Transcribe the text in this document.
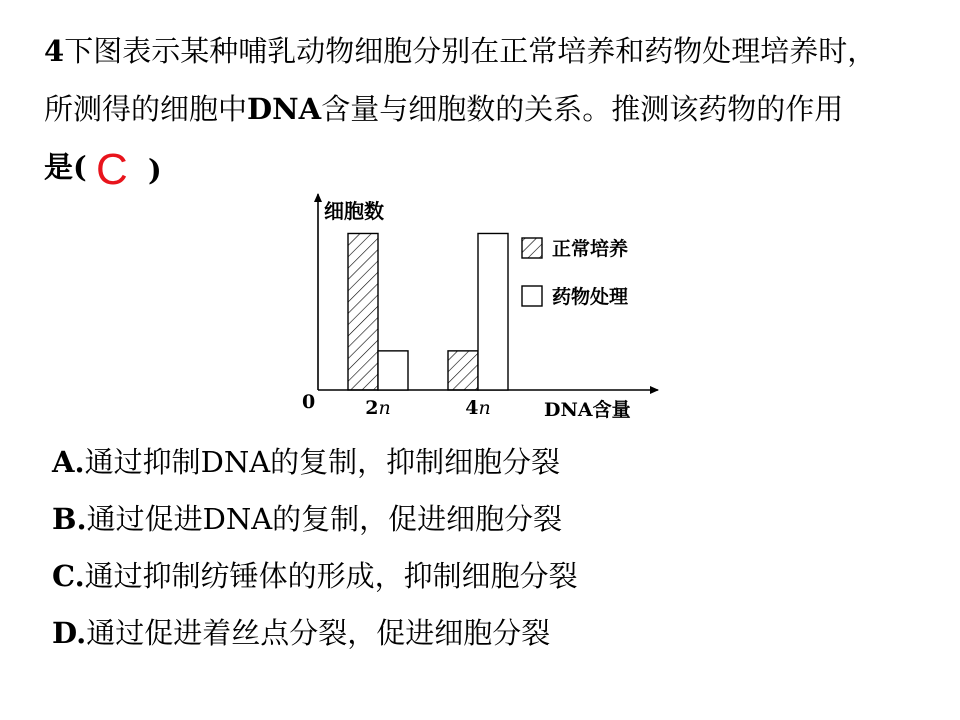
4下图表示某种哺乳动物细胞分别在正常培养和药物处理培养时，
所测得的细胞中DNA含量与细胞数的关系。推测该药物的作用
是( C )
细胞数
0	DNA含量
2n	4n
正常培养
药物处理
A.通过抑制DNA的复制，抑制细胞分裂
B.通过促进DNA的复制，促进细胞分裂
C.通过抑制纺锤体的形成，抑制细胞分裂
D.通过促进着丝点分裂，促进细胞分裂
